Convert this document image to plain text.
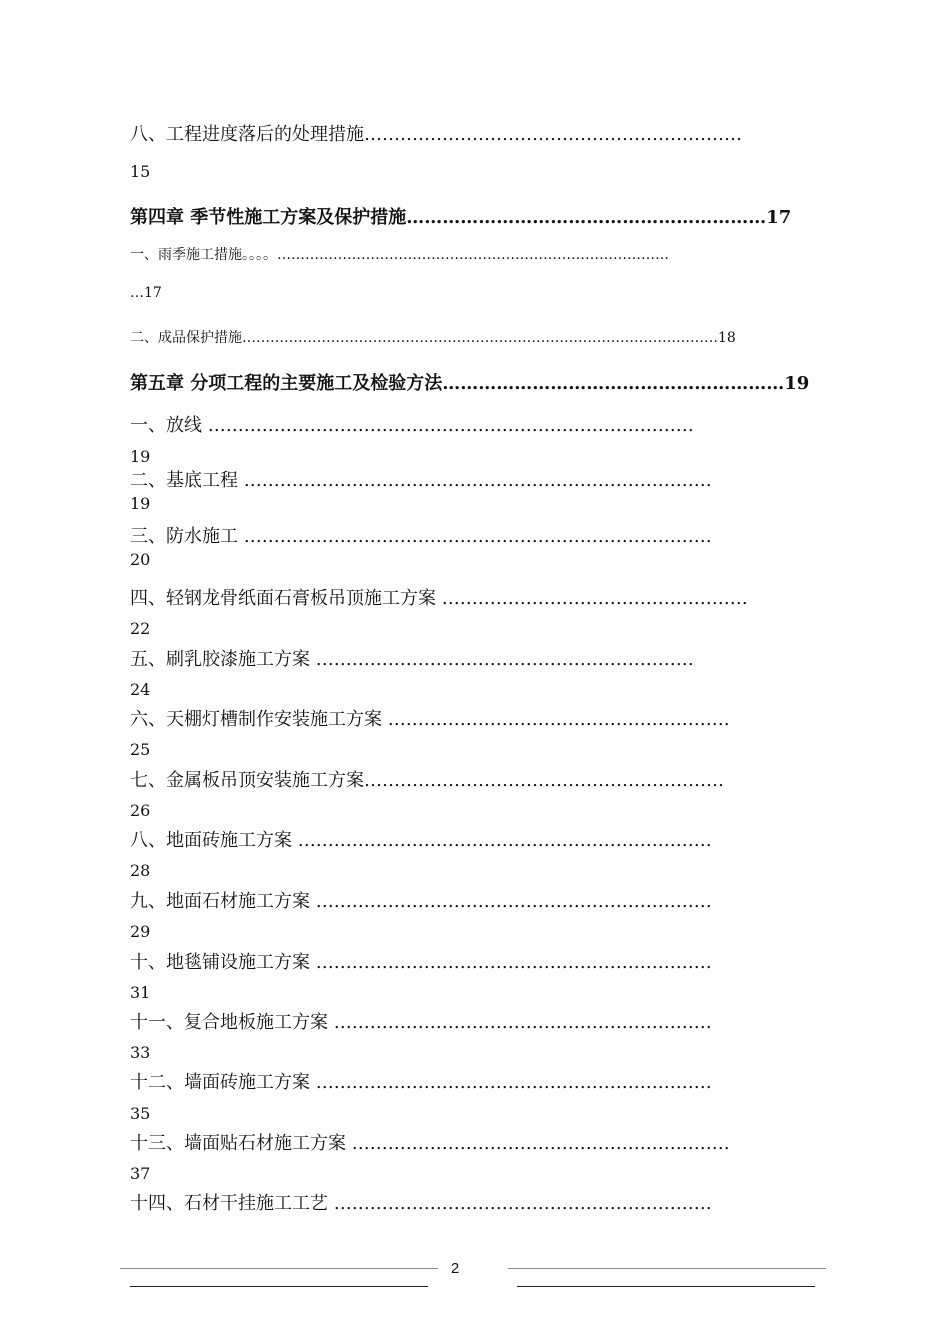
八、工程进度落后的处理措施………………………………………………………
15
第四章 季节性施工方案及保护措施……………………………………………………17
一、雨季施工措施。。。。…………………………………………………………………………
…17
二、成品保护措施…………………………………………………………………………………………18
第五章 分项工程的主要施工及检验方法…………………………………………………19
一、放线 ………………………………………………………………………
19
二、基底工程 ……………………………………………………………………
19
三、防水施工 ……………………………………………………………………
20
四、轻钢龙骨纸面石膏板吊顶施工方案 ……………………………………………
22
五、刷乳胶漆施工方案 ………………………………………………………
24
六、天棚灯槽制作安装施工方案 …………………………………………………
25
七、金属板吊顶安装施工方案……………………………………………………
26
八、地面砖施工方案 ……………………………………………………………
28
九、地面石材施工方案 …………………………………………………………
29
十、地毯铺设施工方案 …………………………………………………………
31
十一、复合地板施工方案 ………………………………………………………
33
十二、墙面砖施工方案 …………………………………………………………
35
十三、墙面贴石材施工方案 ………………………………………………………
37
十四、石材干挂施工工艺 ………………………………………………………
2
